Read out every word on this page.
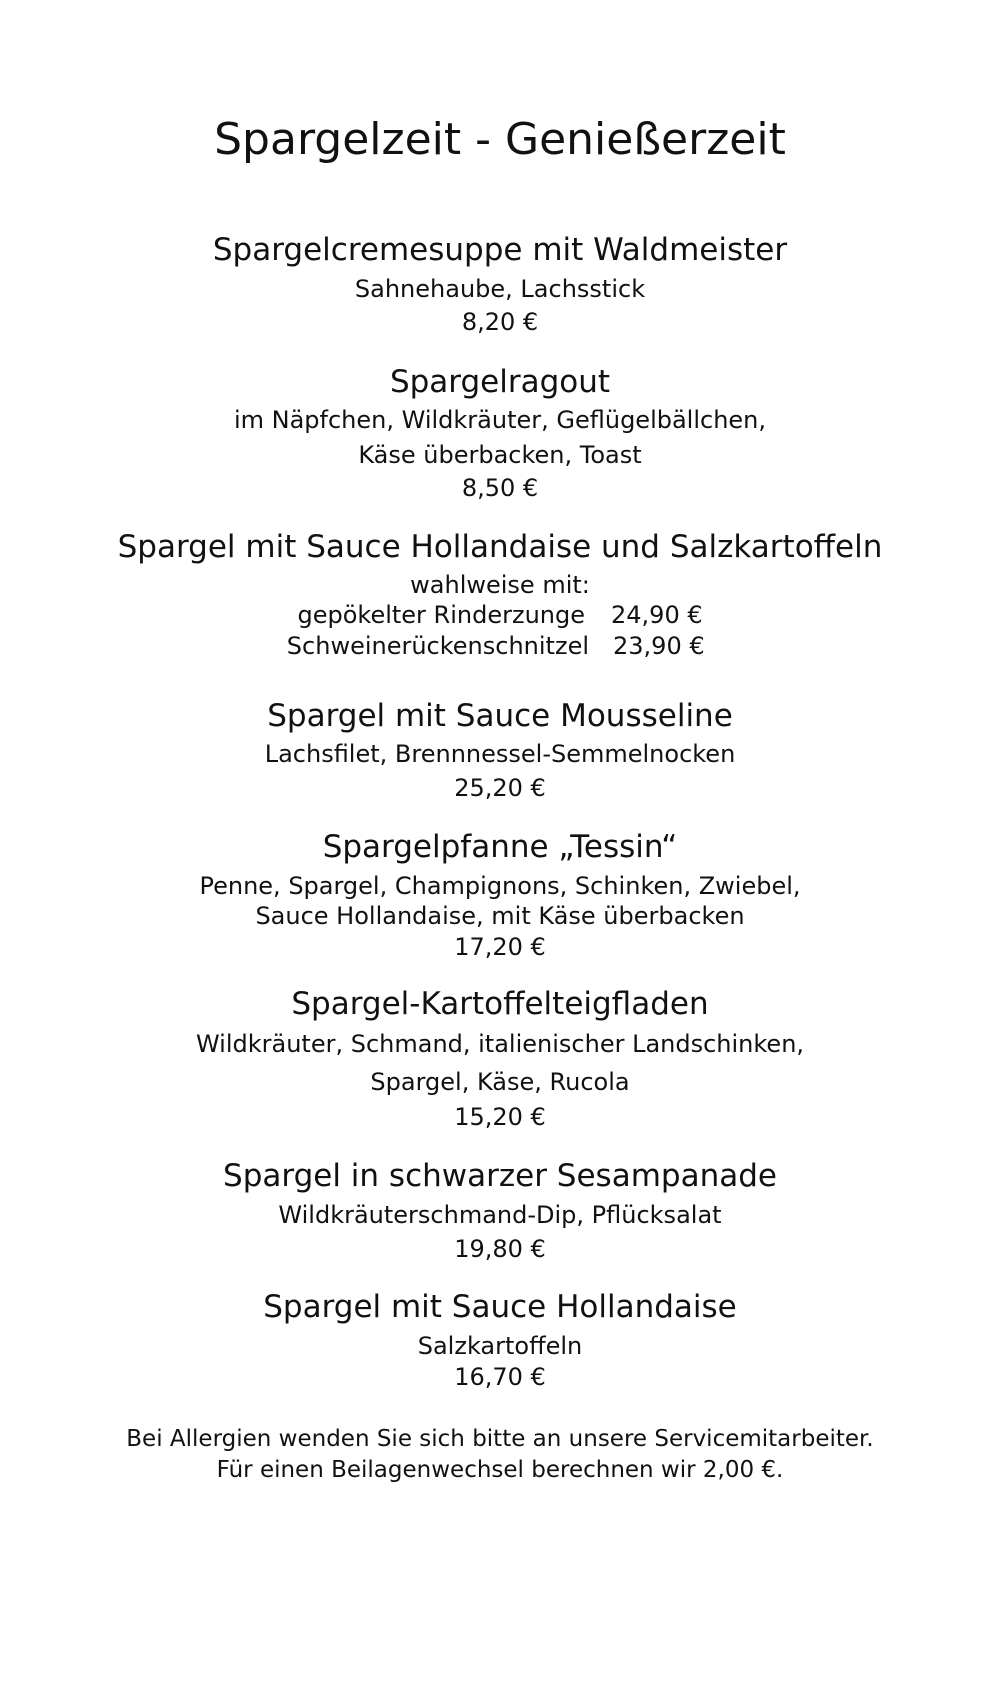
Spargelzeit - Genießerzeit
Spargelcremesuppe mit Waldmeister
Sahnehaube, Lachsstick
8,20 €
Spargelragout
im Näpfchen, Wildkräuter, Geflügelbällchen,
Käse überbacken, Toast
8,50 €
Spargel mit Sauce Hollandaise und Salzkartoffeln
wahlweise mit:
gepökelter Rinderzunge 24,90 €
Schweinerückenschnitzel 23,90 €
Spargel mit Sauce Mousseline
Lachsfilet, Brennnessel-Semmelnocken
25,20 €
Spargelpfanne „Tessin“
Penne, Spargel, Champignons, Schinken, Zwiebel,
Sauce Hollandaise, mit Käse überbacken
17,20 €
Spargel-Kartoffelteigfladen
Wildkräuter, Schmand, italienischer Landschinken,
Spargel, Käse, Rucola
15,20 €
Spargel in schwarzer Sesampanade
Wildkräuterschmand-Dip, Pflücksalat
19,80 €
Spargel mit Sauce Hollandaise
Salzkartoffeln
16,70 €
Bei Allergien wenden Sie sich bitte an unsere Servicemitarbeiter.
Für einen Beilagenwechsel berechnen wir 2,00 €.
